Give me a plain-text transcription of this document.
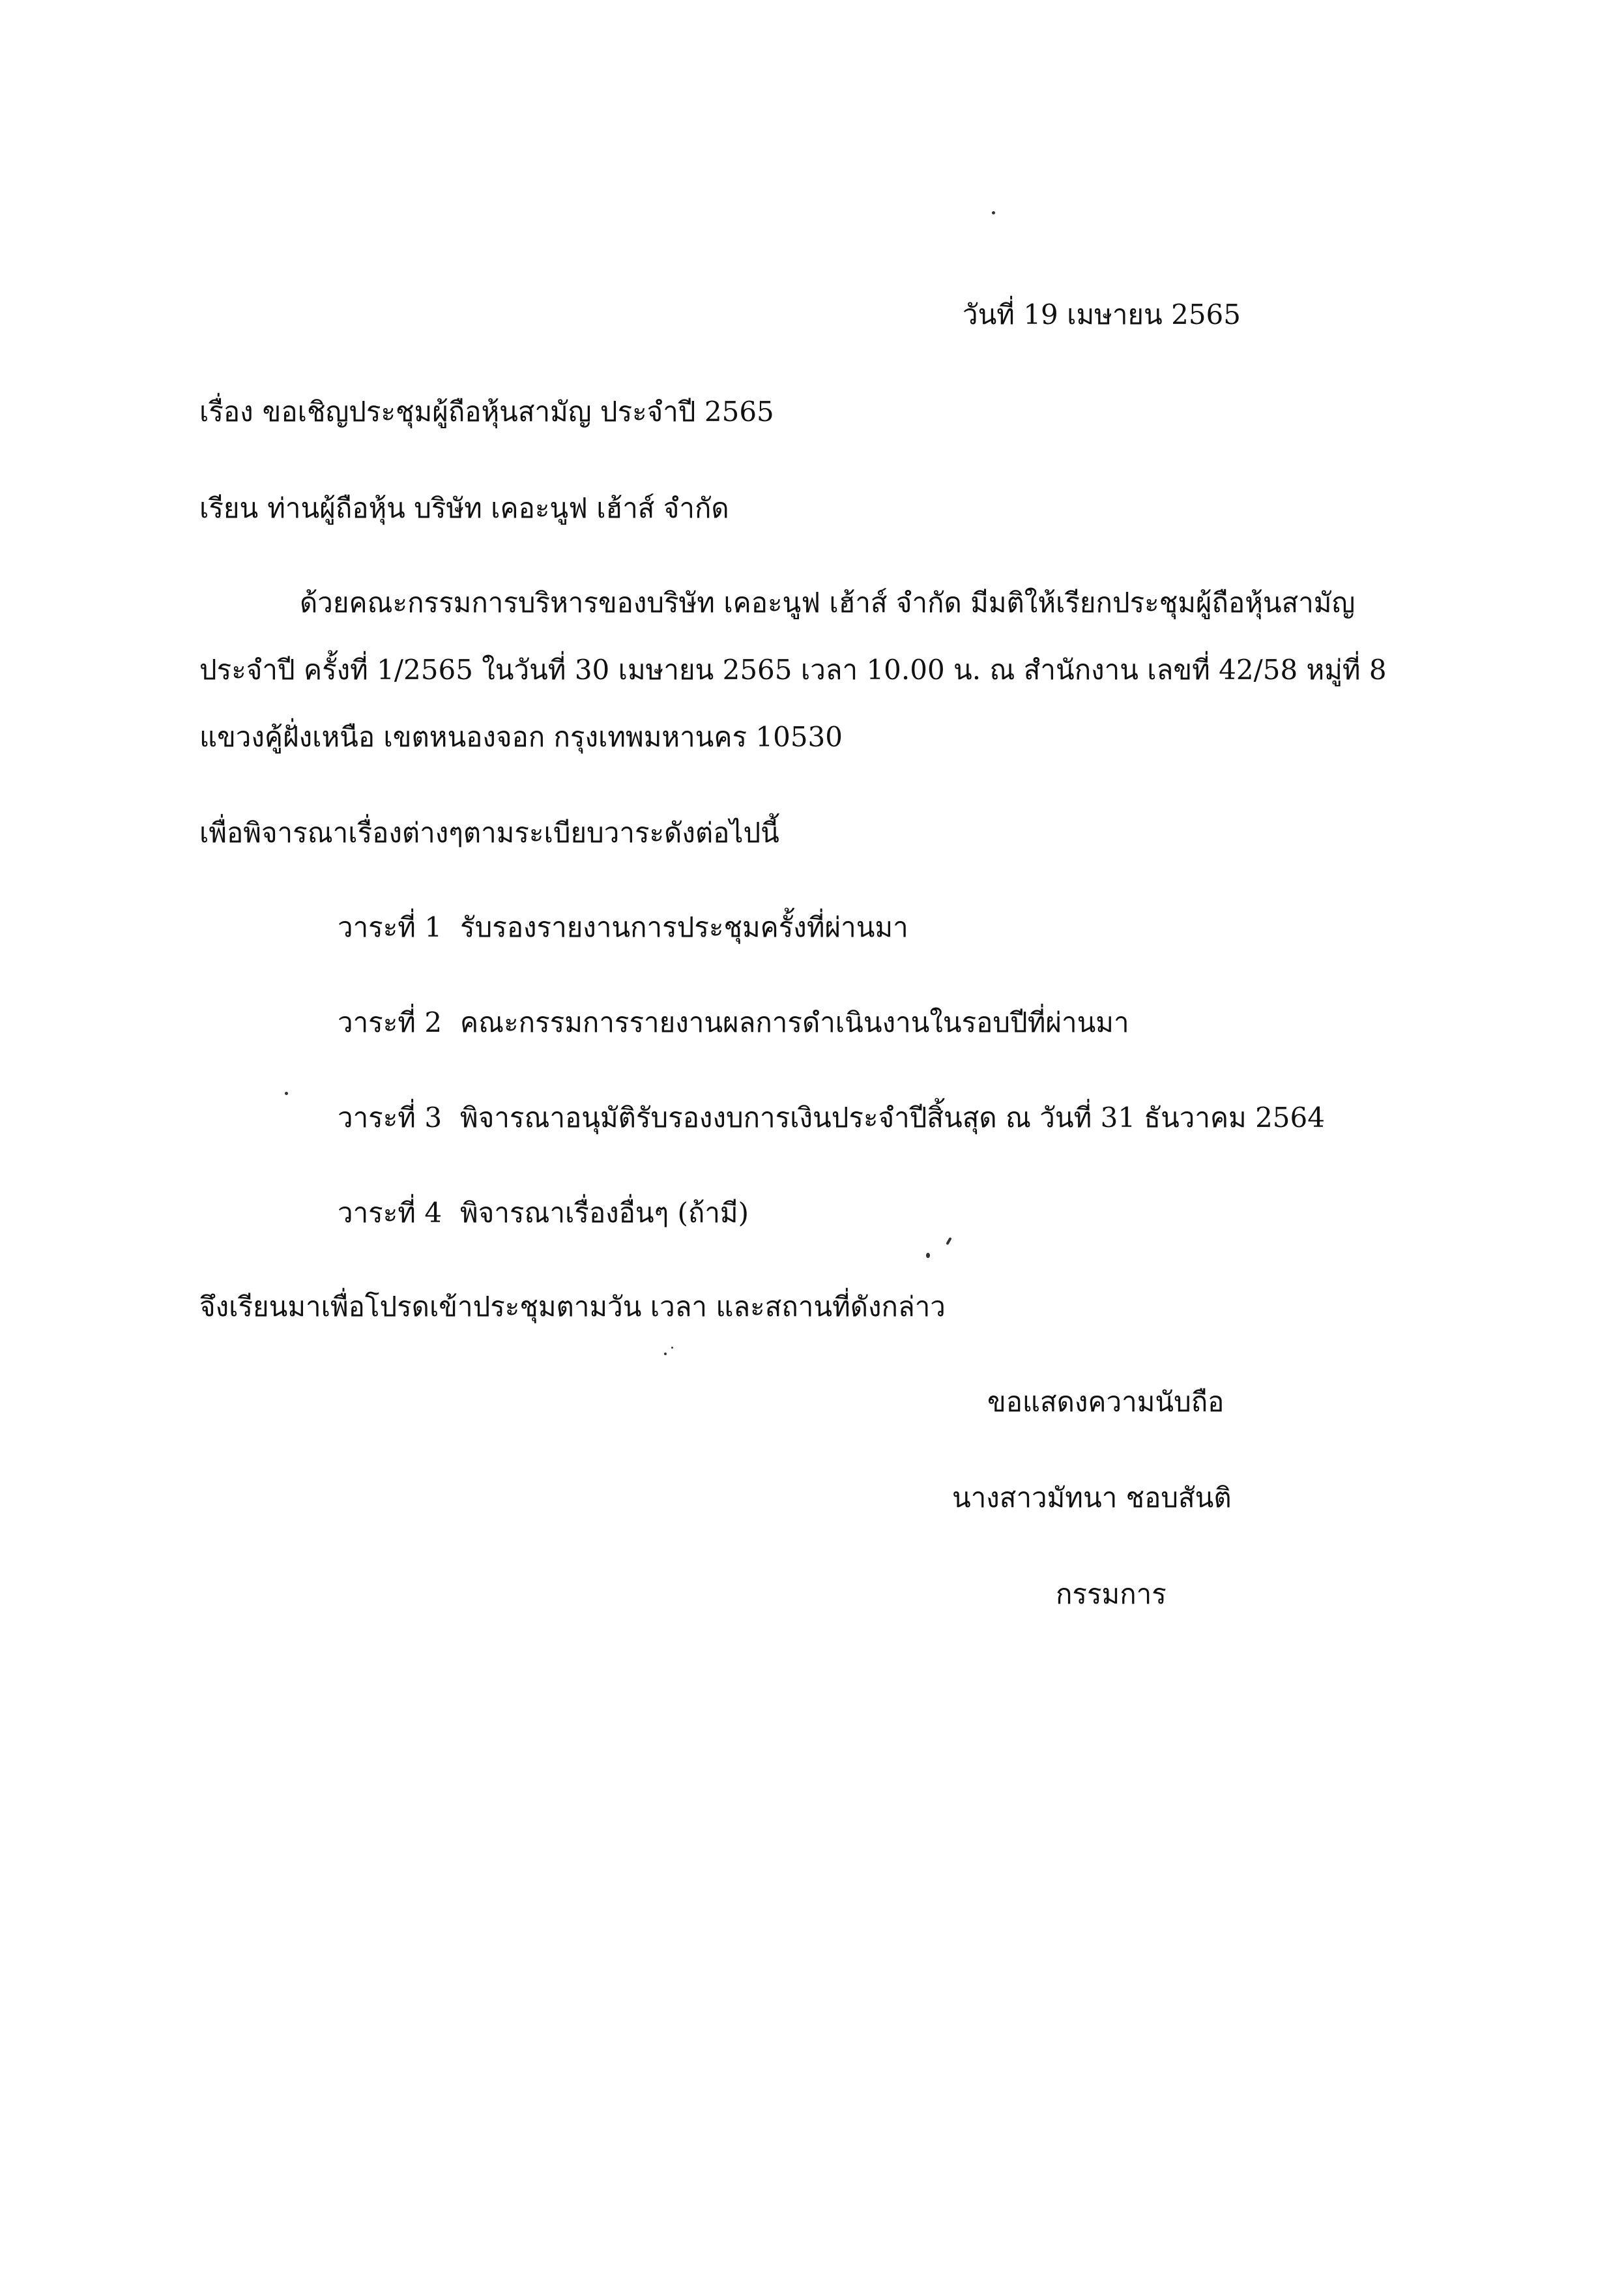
วันที่ 19 เมษายน 2565
เรื่อง ขอเชิญประชุมผู้ถือหุ้นสามัญ ประจำปี 2565
เรียน ท่านผู้ถือหุ้น บริษัท เคอะนูฟ เฮ้าส์ จำกัด
ด้วยคณะกรรมการบริหารของบริษัท เคอะนูฟ เฮ้าส์ จำกัด มีมติให้เรียกประชุมผู้ถือหุ้นสามัญ
ประจำปี ครั้งที่ 1/2565 ในวันที่ 30 เมษายน 2565 เวลา 10.00 น. ณ สำนักงาน เลขที่ 42/58 หมู่ที่ 8
แขวงคู้ฝั่งเหนือ เขตหนองจอก กรุงเทพมหานคร 10530
เพื่อพิจารณาเรื่องต่างๆตามระเบียบวาระดังต่อไปนี้
วาระที่ 1 รับรองรายงานการประชุมครั้งที่ผ่านมา
วาระที่ 2 คณะกรรมการรายงานผลการดำเนินงานในรอบปีที่ผ่านมา
วาระที่ 3 พิจารณาอนุมัติรับรองงบการเงินประจำปีสิ้นสุด ณ วันที่ 31 ธันวาคม 2564
วาระที่ 4 พิจารณาเรื่องอื่นๆ (ถ้ามี)
จึงเรียนมาเพื่อโปรดเข้าประชุมตามวัน เวลา และสถานที่ดังกล่าว
ขอแสดงความนับถือ
นางสาวมัทนา ชอบสันติ
กรรมการ
